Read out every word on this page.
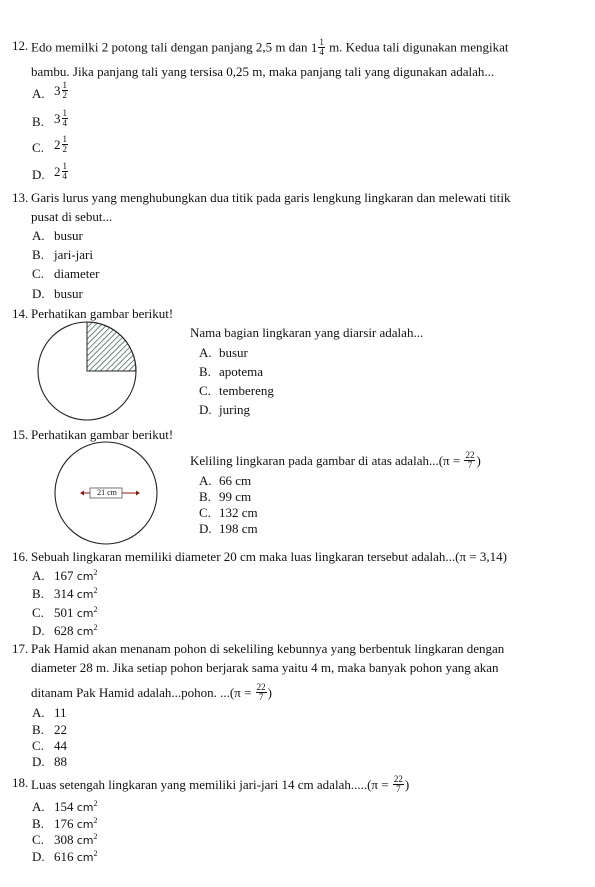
12. Edo memilki 2 potong tali dengan panjang 2,5 m dan $1 \frac{1}{4} m$. Kedua tali digunakan mengikat
bambu. Jika panjang tali yang tersisa 0,25 m, maka panjang tali yang digunakan adalah...
A. $3 \frac{1}{2}$
B. $3 \frac{1}{4}$
C. $2 \frac{1}{2}$
D. $2 \frac{1}{4}$
13. Garis lurus yang menghubungkan dua titik pada garis lengkung lingkaran dan melewati titik
pusat di sebut...
A. busur
B. jari-jari
C. diameter
D. busur
14. Perhatikan gambar berikut!
Nama bagian lingkaran yang diarsir adalah...
A. busur
B. apotema
C. tembereng
D. juring
15. Perhatikan gambar berikut!
21 cm
Keliling lingkaran pada gambar di atas adalah...(π = $\frac{22}{7}$ )
A. 66 cm
B. 99 cm
C. 132 cm
D. 198 cm
16. Sebuah lingkaran memiliki diameter 20 cm maka luas lingkaran tersebut adalah...(π = 3,14)
A. 167 $cm^2$
B. 314 $cm^2$
C. 501 $cm^2$
D. 628 $cm^2$
17. Pak Hamid akan menanam pohon di sekeliling kebunnya yang berbentuk lingkaran dengan
diameter 28 m. Jika setiap pohon berjarak sama yaitu 4 m, maka banyak pohon yang akan
ditanam Pak Hamid adalah...pohon. $...(\pi = \frac{22}{7}$ )
A. 11
B. 22
C. 44
D. 88
18. Luas setengah lingkaran yang memiliki jari-jari 14 cm adalah.....(π = $\frac{22}{7}$ )
A. 154 $cm^2$
B. 176 $cm^2$
C. 308 $cm^2$
D. 616 $cm^2$
